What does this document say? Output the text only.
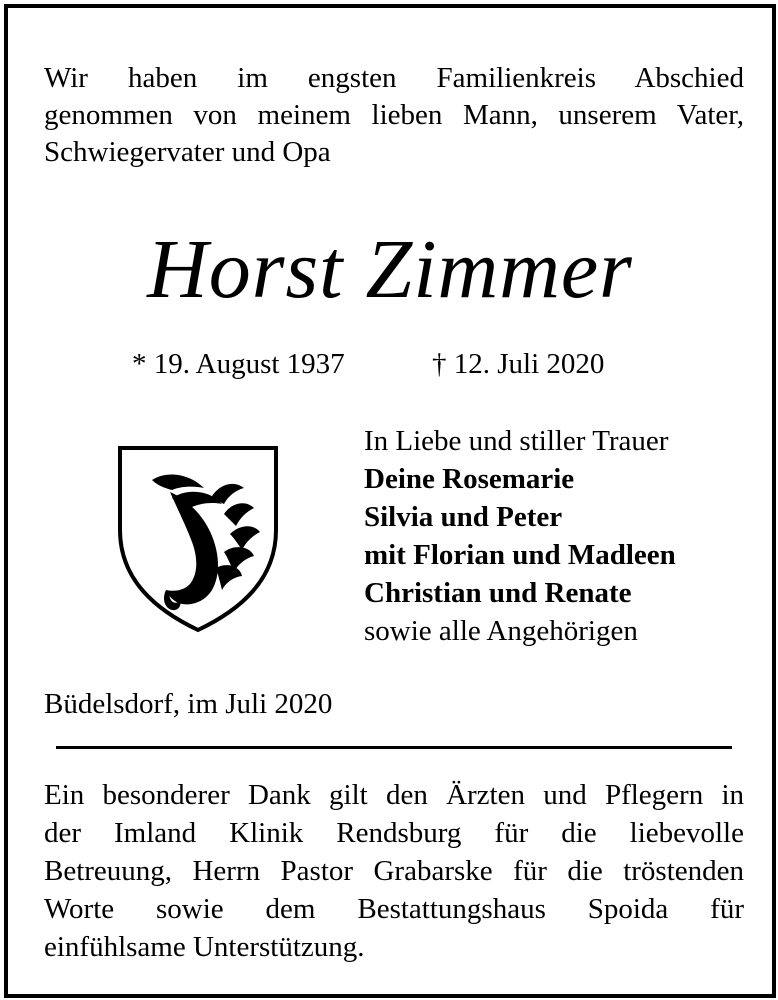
Wir haben im engsten Familienkreis Abschied
genommen von meinem lieben Mann, unserem Vater,
Schwiegervater und Opa
Horst Zimmer
* 19. August 1937	† 12. Juli 2020
In Liebe und stiller Trauer
Deine Rosemarie
Silvia und Peter
mit Florian und Madleen
Christian und Renate
sowie alle Angehörigen
Büdelsdorf, im Juli 2020
Ein besonderer Dank gilt den Ärzten und Pflegern in
der Imland Klinik Rendsburg für die liebevolle
Betreuung, Herrn Pastor Grabarske für die tröstenden
Worte sowie dem Bestattungshaus Spoida für
einfühlsame Unterstützung.
